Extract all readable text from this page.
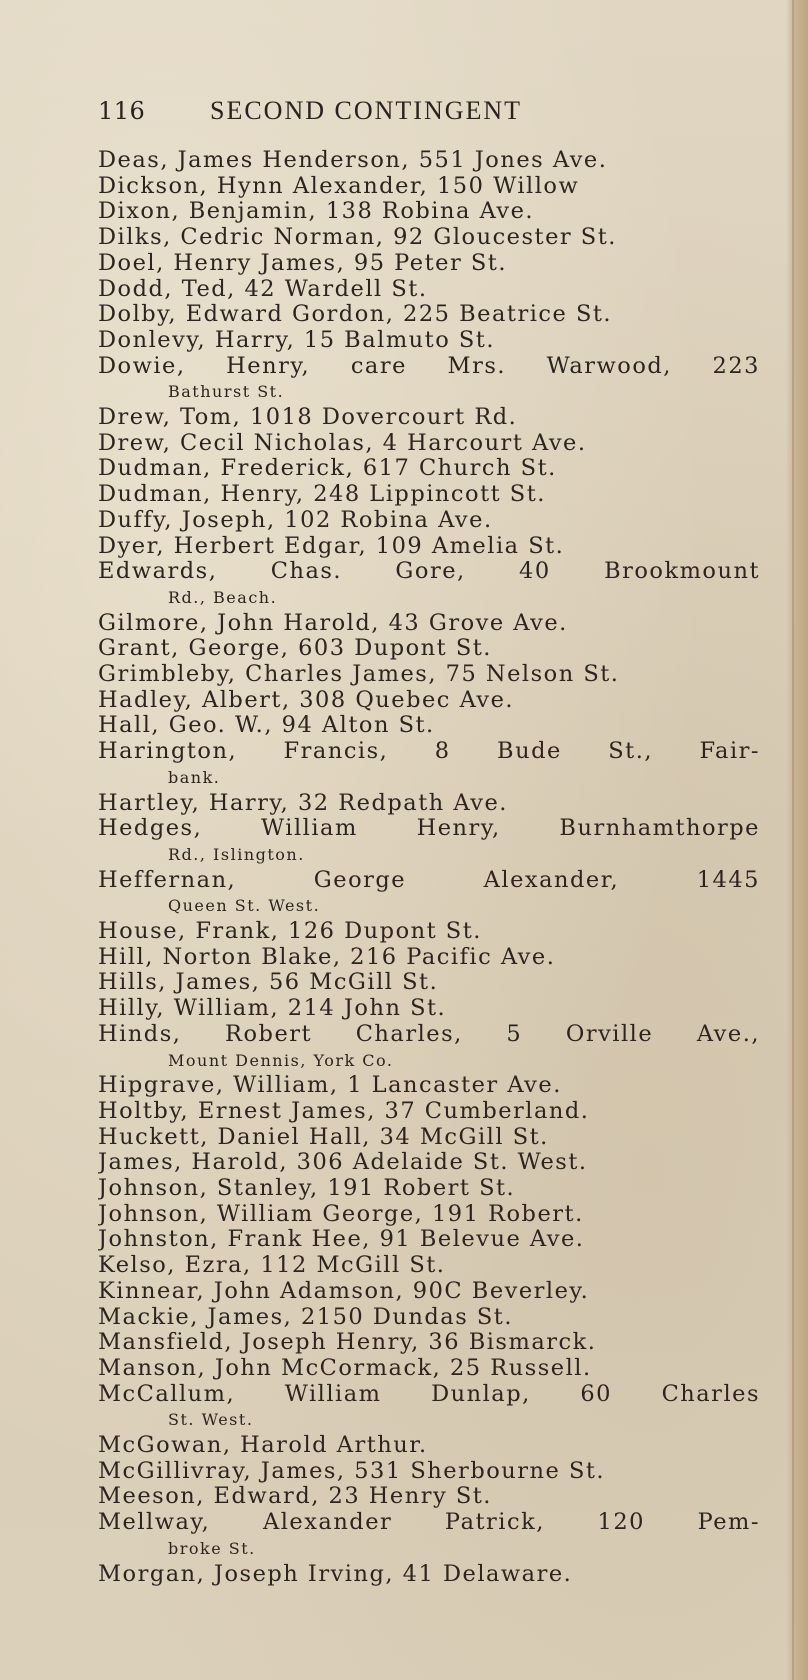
116	SECOND CONTINGENT
Deas, James Henderson, 551 Jones Ave.
Dickson, Hynn Alexander, 150 Willow
Dixon, Benjamin, 138 Robina Ave.
Dilks, Cedric Norman, 92 Gloucester St.
Doel, Henry James, 95 Peter St.
Dodd, Ted, 42 Wardell St.
Dolby, Edward Gordon, 225 Beatrice St.
Donlevy, Harry, 15 Balmuto St.
Dowie, Henry, care Mrs. Warwood, 223
Bathurst St.
Drew, Tom, 1018 Dovercourt Rd.
Drew, Cecil Nicholas, 4 Harcourt Ave.
Dudman, Frederick, 617 Church St.
Dudman, Henry, 248 Lippincott St.
Duffy, Joseph, 102 Robina Ave.
Dyer, Herbert Edgar, 109 Amelia St.
Edwards, Chas. Gore, 40 Brookmount
Rd., Beach.
Gilmore, John Harold, 43 Grove Ave.
Grant, George, 603 Dupont St.
Grimbleby, Charles James, 75 Nelson St.
Hadley, Albert, 308 Quebec Ave.
Hall, Geo. W., 94 Alton St.
Harington, Francis, 8 Bude St., Fair-
bank.
Hartley, Harry, 32 Redpath Ave.
Hedges, William Henry, Burnhamthorpe
Rd., Islington.
Heffernan, George Alexander, 1445
Queen St. West.
House, Frank, 126 Dupont St.
Hill, Norton Blake, 216 Pacific Ave.
Hills, James, 56 McGill St.
Hilly, William, 214 John St.
Hinds, Robert Charles, 5 Orville Ave.,
Mount Dennis, York Co.
Hipgrave, William, 1 Lancaster Ave.
Holtby, Ernest James, 37 Cumberland.
Huckett, Daniel Hall, 34 McGill St.
James, Harold, 306 Adelaide St. West.
Johnson, Stanley, 191 Robert St.
Johnson, William George, 191 Robert.
Johnston, Frank Hee, 91 Belevue Ave.
Kelso, Ezra, 112 McGill St.
Kinnear, John Adamson, 90C Beverley.
Mackie, James, 2150 Dundas St.
Mansfield, Joseph Henry, 36 Bismarck.
Manson, John McCormack, 25 Russell.
McCallum, William Dunlap, 60 Charles
St. West.
McGowan, Harold Arthur.
McGillivray, James, 531 Sherbourne St.
Meeson, Edward, 23 Henry St.
Mellway, Alexander Patrick, 120 Pem-
broke St.
Morgan, Joseph Irving, 41 Delaware.
